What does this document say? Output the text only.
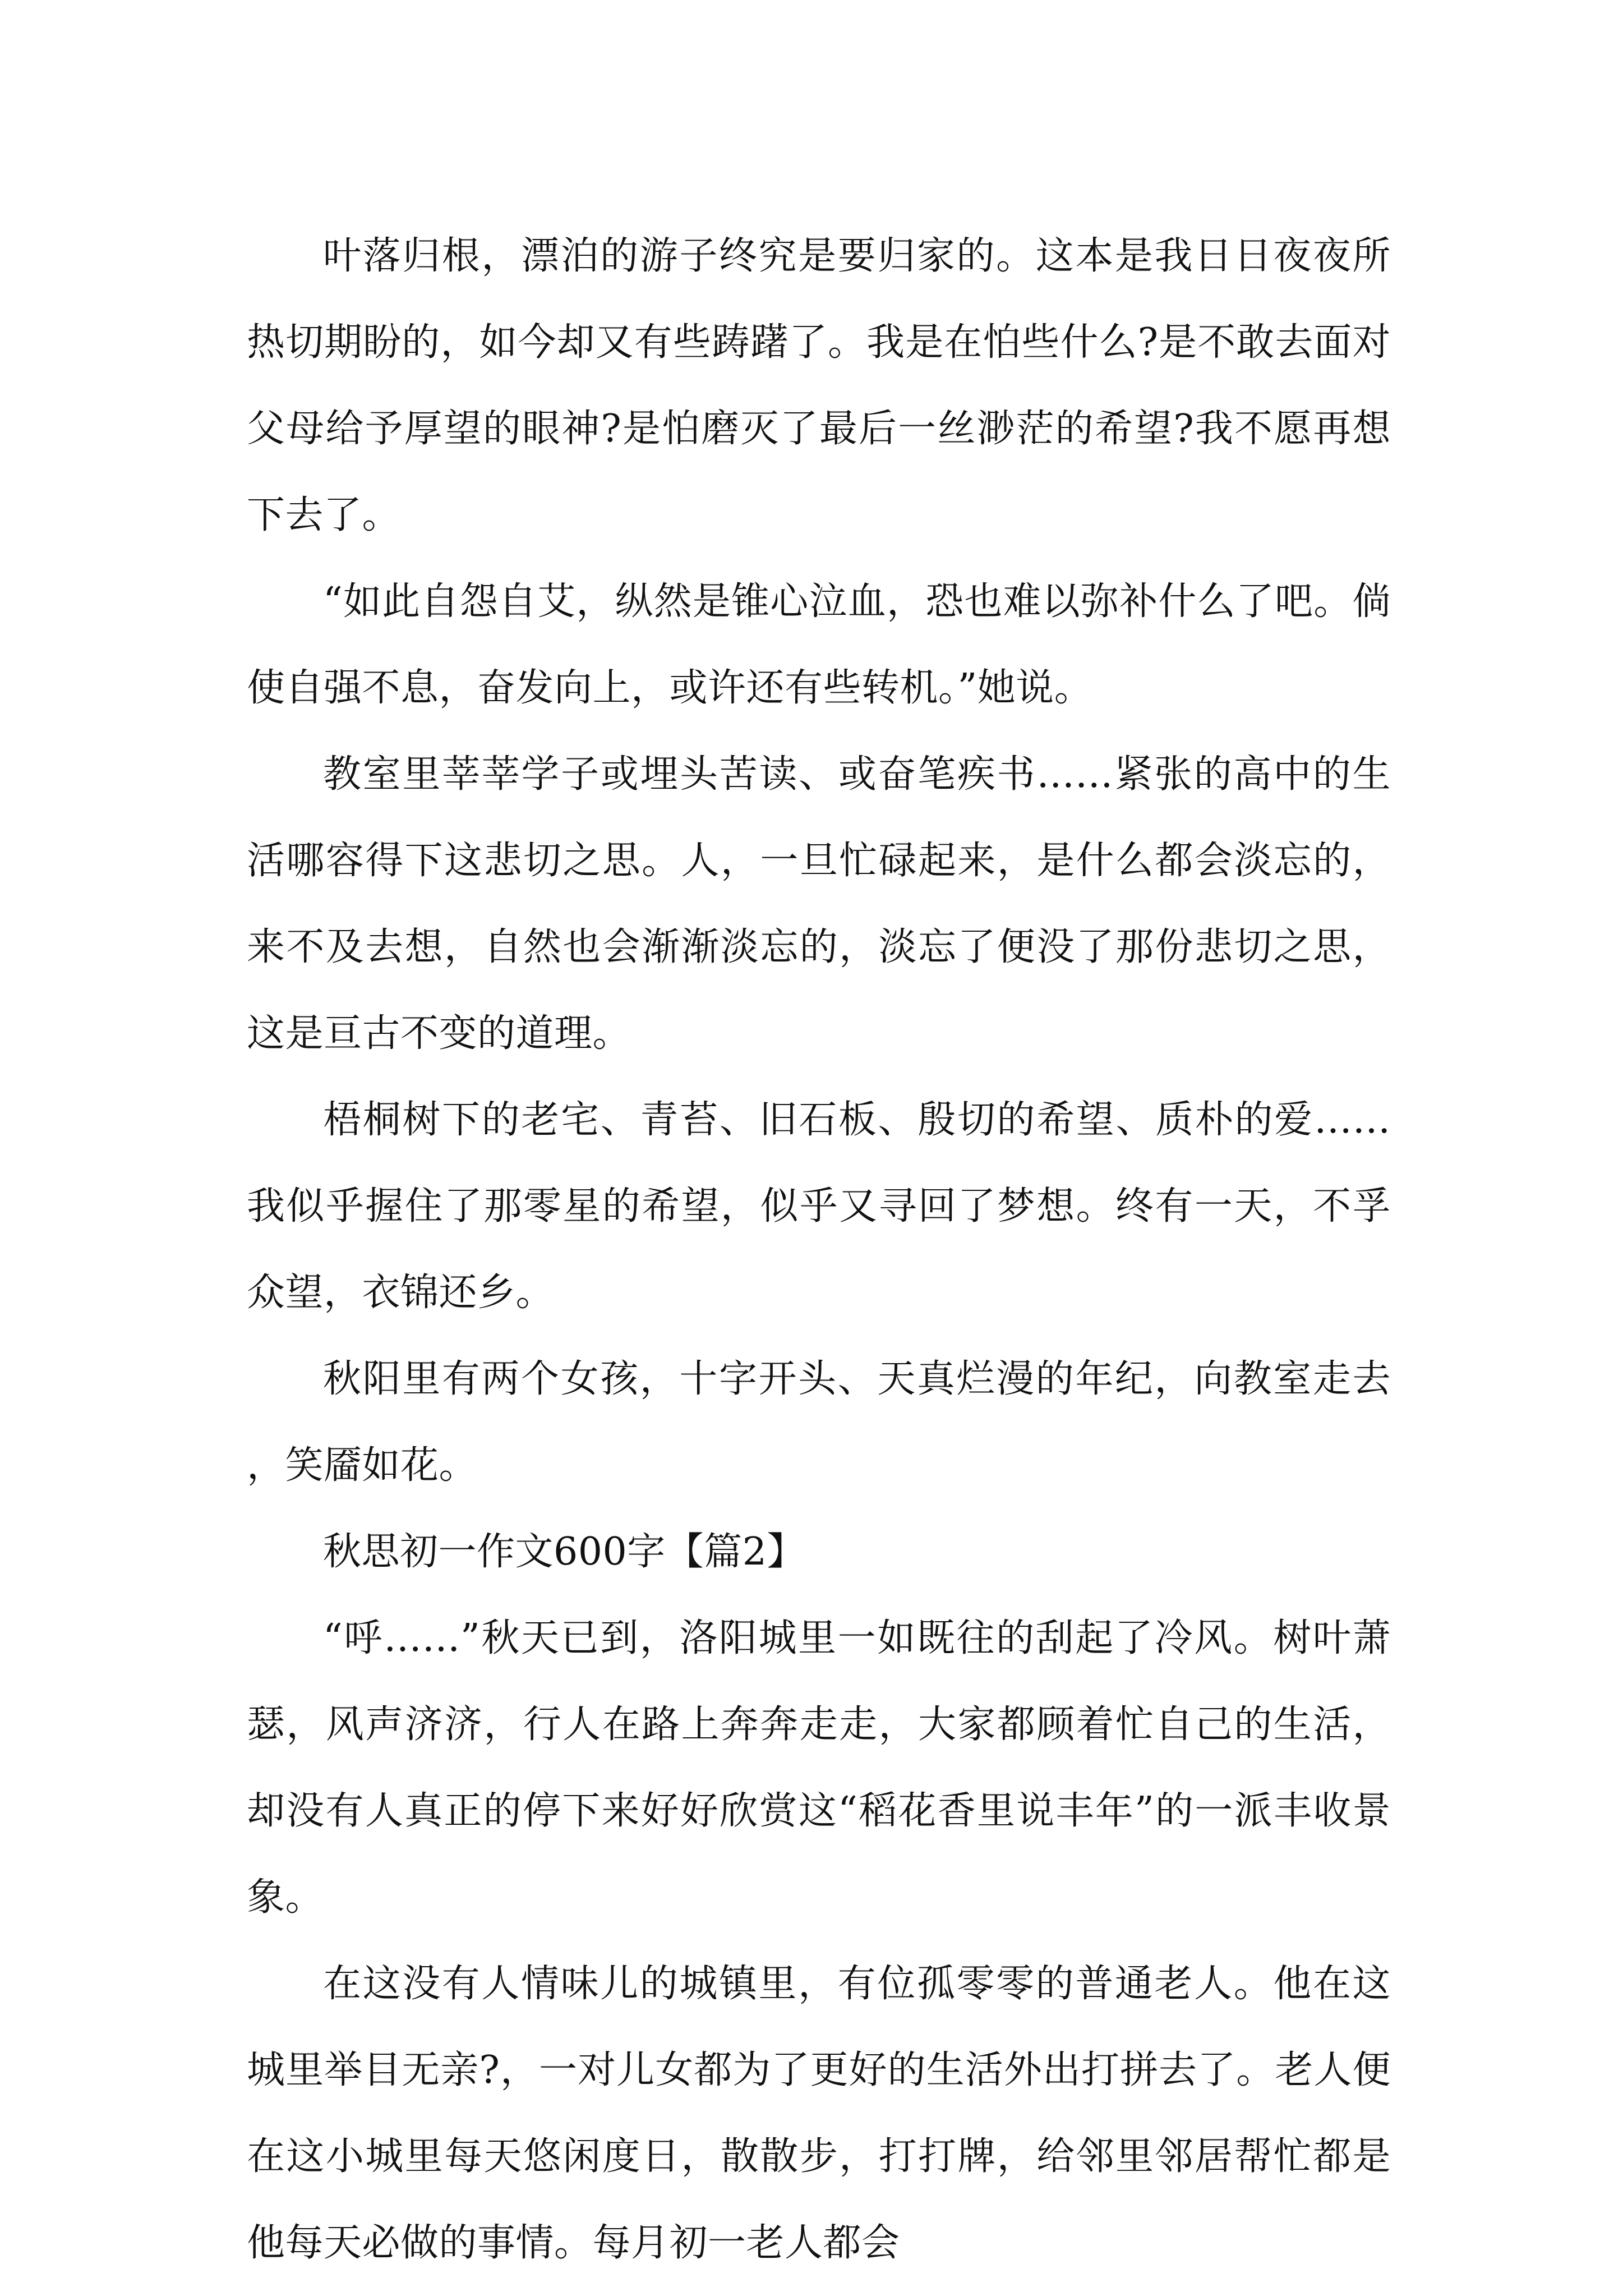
叶落归根，漂泊的游子终究是要归家的。这本是我日日夜夜所热切期盼的，如今却又有些踌躇了。我是在怕些什么?是不敢去面对父母给予厚望的眼神?是怕磨灭了最后一丝渺茫的希望?我不愿再想下去了。

“如此自怨自艾，纵然是锥心泣血，恐也难以弥补什么了吧。倘使自强不息，奋发向上，或许还有些转机。”她说。

教室里莘莘学子或埋头苦读、或奋笔疾书……紧张的高中的生活哪容得下这悲切之思。人，一旦忙碌起来，是什么都会淡忘的，来不及去想，自然也会渐渐淡忘的，淡忘了便没了那份悲切之思，这是亘古不变的道理。

梧桐树下的老宅、青苔、旧石板、殷切的希望、质朴的爱……我似乎握住了那零星的希望，似乎又寻回了梦想。终有一天，不孚众望，衣锦还乡。

秋阳里有两个女孩，十字开头、天真烂漫的年纪，向教室走去，笑靥如花。

秋思初一作文600字【篇2】

“呼……”秋天已到，洛阳城里一如既往的刮起了冷风。树叶萧瑟，风声济济，行人在路上奔奔走走，大家都顾着忙自己的生活，却没有人真正的停下来好好欣赏这“稻花香里说丰年”的一派丰收景象。

在这没有人情味儿的城镇里，有位孤零零的普通老人。他在这城里举目无亲?，一对儿女都为了更好的生活外出打拼去了。老人便在这小城里每天悠闲度日，散散步，打打牌，给邻里邻居帮忙都是他每天必做的事情。每月初一老人都会
